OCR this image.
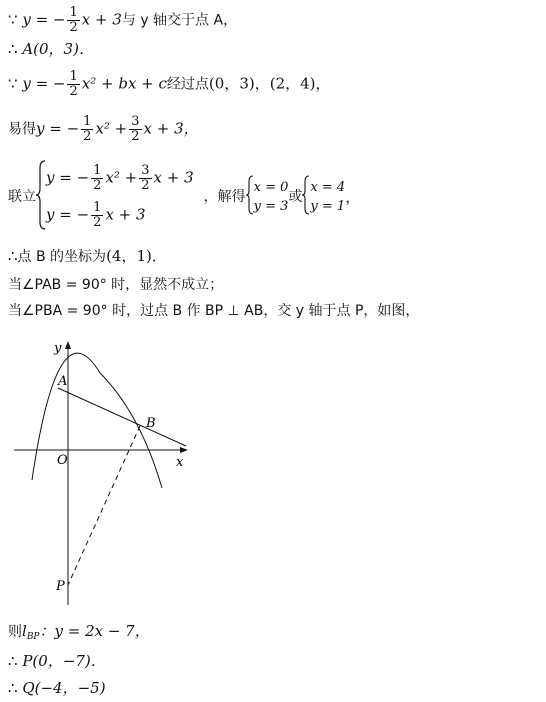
∵ y = − $\frac{1}{2}$ x + 3与 y 轴交于点 A，
∴ A(0，3)．
∵ y = − $\frac{1}{2} x^2$ + bx + c经过点(0，3)，(2，4)，
易得y = − $\frac{1}{2} x^2 + \frac{3}{2}$ x + 3，
联立
y = − $\frac{1}{2} x^2 + \frac{3}{2}$ x + 3
y = − $\frac{1}{2}$ x + 3
，解得
x = 0
y = 3
或
x = 4
y = 1
，
∴点 B 的坐标为(4，1)．
当∠PAB = 90° 时，显然不成立；
当∠PBA = 90° 时，过点 B 作 BP ⊥ AB，交 y 轴于点 P，如图，
y
x
A
B
O
P
则$l_{BP}$：y = 2x − 7，
∴ P(0，−7)．
∴ Q(−4，−5)
